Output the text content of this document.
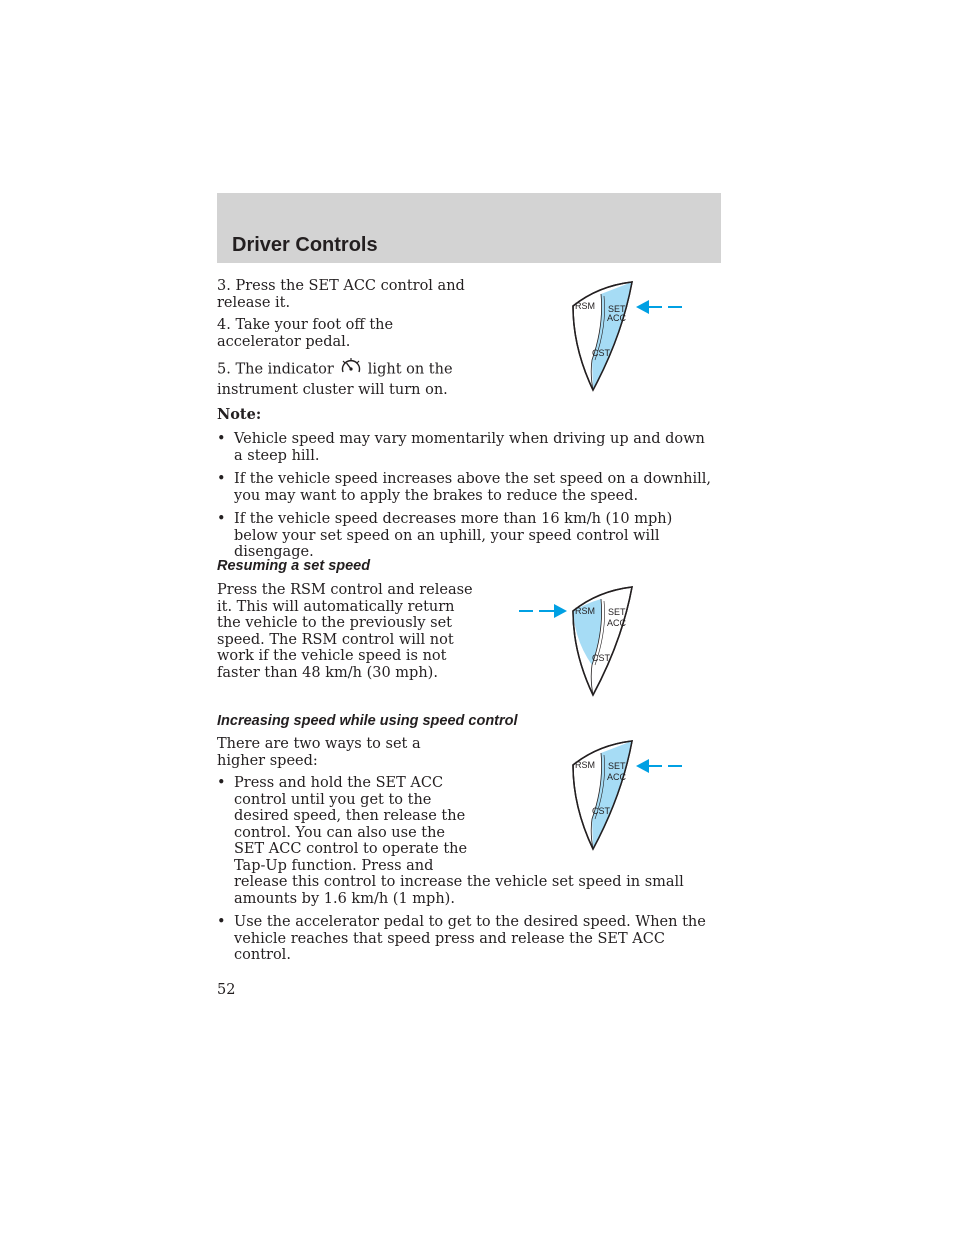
Driver Controls

3. Press the SET ACC control and release it.

4. Take your foot off the accelerator pedal.

5. The indicator light on the instrument cluster will turn on.

Note:
• Vehicle speed may vary momentarily when driving up and down a steep hill.
• If the vehicle speed increases above the set speed on a downhill, you may want to apply the brakes to reduce the speed.
• If the vehicle speed decreases more than 16 km/h (10 mph) below your set speed on an uphill, your speed control will disengage.
RSM SET
ACC
CST
Resuming a set speed

Press the RSM control and release it. This will automatically return the vehicle to the previously set speed. The RSM control will not work if the vehicle speed is not faster than 48 km/h (30 mph).

RSM SET
ACC
CST
Increasing speed while using speed control

There are two ways to set a higher speed:

• Press and hold the SET ACC control until you get to the desired speed, then release the control. You can also use the SET ACC control to operate the Tap-Up function. Press and

release this control to increase the vehicle set speed in small amounts by 1.6 km/h (1 mph).

• Use the accelerator pedal to get to the desired speed. When the vehicle reaches that speed press and release the SET ACC control.
RSM SET
ACC
CST
52
